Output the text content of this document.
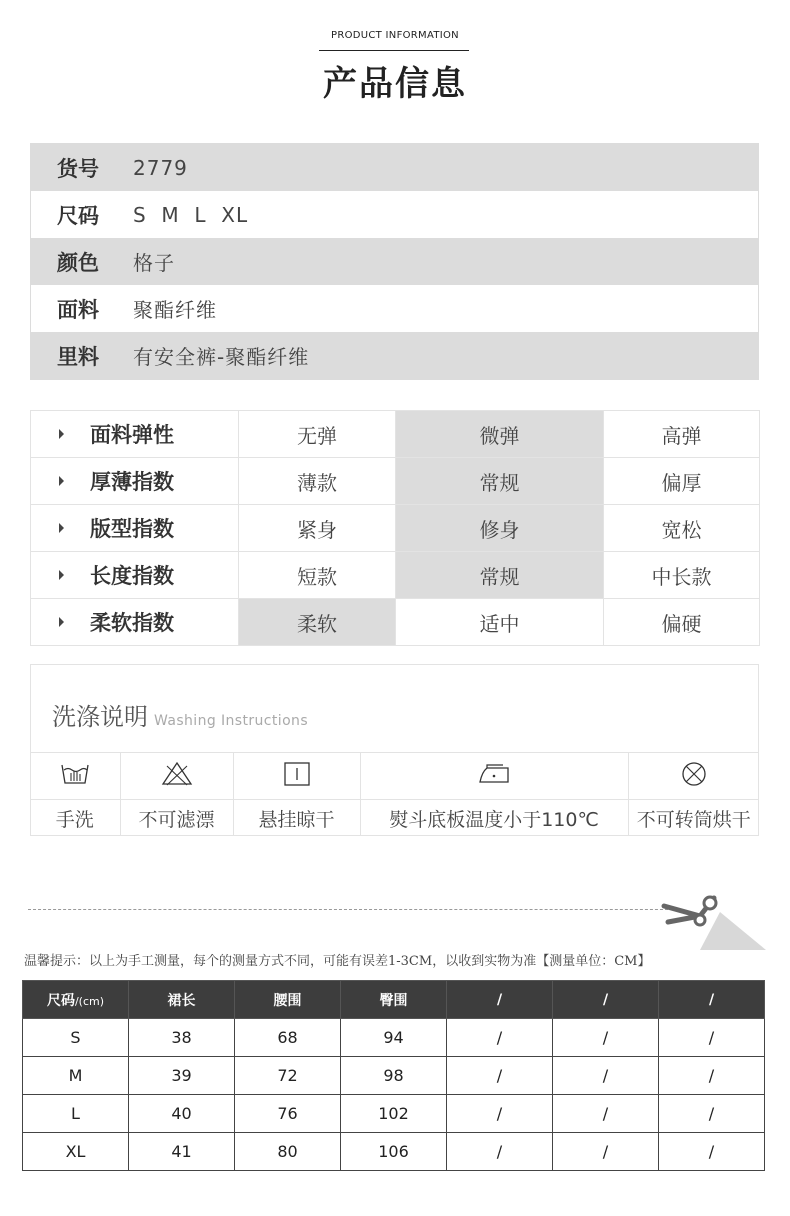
PRODUCT INFORMATION
产品信息
货号	2779
尺码	S  M  L  XL
颜色	格子
面料	聚酯纤维
里料	有安全裤-聚酯纤维
面料弹性	无弹	微弹	高弹
厚薄指数	薄款	常规	偏厚
版型指数	紧身	修身	宽松
长度指数	短款	常规	中长款
柔软指数	柔软	适中	偏硬
洗涤说明 Washing Instructions

手洗	不可滤漂	悬挂晾干	熨斗底板温度小于110℃	不可转筒烘干
温馨提示：以上为手工测量，每个的测量方式不同，可能有误差1-3CM，以收到实物为准【测量单位：CM】
尺码/(cm)	裙长	腰围	臀围	/	/	/
S	38	68	94	/	/	/
M	39	72	98	/	/	/
L	40	76	102	/	/	/
XL	41	80	106	/	/	/
